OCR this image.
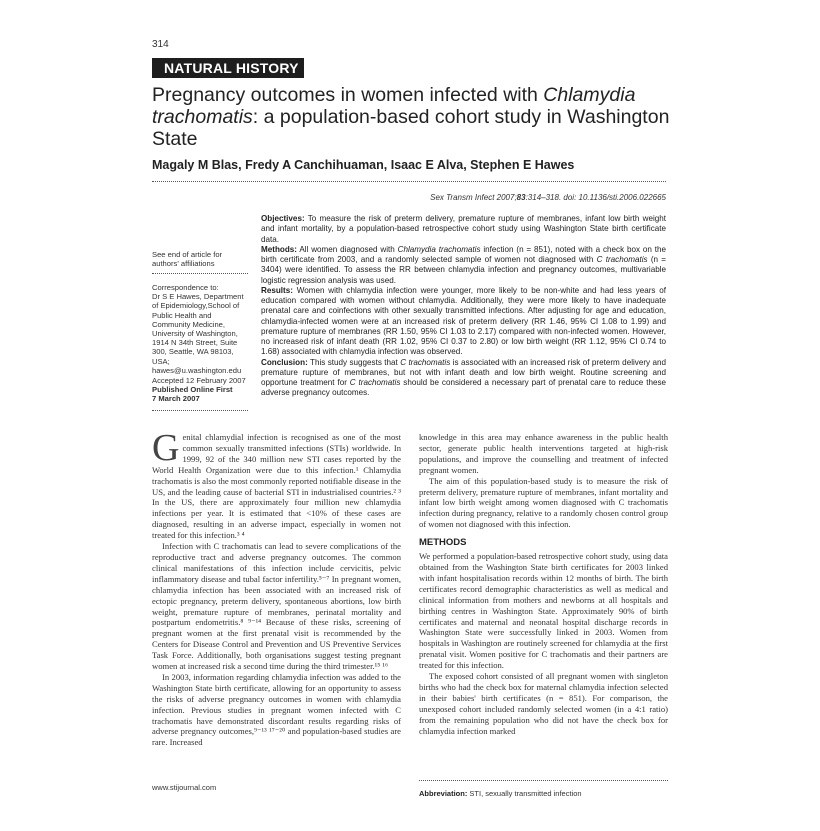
314
NATURAL HISTORY
Pregnancy outcomes in women infected with Chlamydia trachomatis: a population-based cohort study in Washington State
Magaly M Blas, Fredy A Canchihuaman, Isaac E Alva, Stephen E Hawes
Sex Transm Infect 2007;83:314–318. doi: 10.1136/sti.2006.022665

Objectives: To measure the risk of preterm delivery, premature rupture of membranes, infant low birth weight and infant mortality, by a population-based retrospective cohort study using Washington State birth certificate data.

Methods: All women diagnosed with Chlamydia trachomatis infection (n = 851), noted with a check box on the birth certificate from 2003, and a randomly selected sample of women not diagnosed with C trachomatis (n = 3404) were identified. To assess the RR between chlamydia infection and pregnancy outcomes, multivariable logistic regression analysis was used.

Results: Women with chlamydia infection were younger, more likely to be non-white and had less years of education compared with women without chlamydia. Additionally, they were more likely to have inadequate prenatal care and coinfections with other sexually transmitted infections. After adjusting for age and education, chlamydia-infected women were at an increased risk of preterm delivery (RR 1.46, 95% CI 1.08 to 1.99) and premature rupture of membranes (RR 1.50, 95% CI 1.03 to 2.17) compared with non-infected women. However, no increased risk of infant death (RR 1.02, 95% CI 0.37 to 2.80) or low birth weight (RR 1.12, 95% CI 0.74 to 1.68) associated with chlamydia infection was observed.

Conclusion: This study suggests that C trachomatis is associated with an increased risk of preterm delivery and premature rupture of membranes, but not with infant death and low birth weight. Routine screening and opportune treatment for C trachomatis should be considered a necessary part of prenatal care to reduce these adverse pregnancy outcomes.

See end of article for authors' affiliations

Correspondence to:

Dr S E Hawes, Department of Epidemiology,School of Public Health and Community Medicine, University of Washington, 1914 N 34th Street, Suite 300, Seattle, WA 98103, USA;

hawes@u.washington.edu

Accepted 12 February 2007

Published Online First

7 March 2007

Genital chlamydial infection is recognised as one of the most common sexually transmitted infections (STIs) worldwide. In 1999, 92 of the 340 million new STI cases reported by the World Health Organization were due to this infection.¹ Chlamydia trachomatis is also the most commonly reported notifiable disease in the US, and the leading cause of bacterial STI in industrialised countries.² ³ In the US, there are approximately four million new chlamydia infections per year. It is estimated that <10% of these cases are diagnosed, resulting in an adverse impact, especially in women not treated for this infection.³ ⁴

Infection with C trachomatis can lead to severe complications of the reproductive tract and adverse pregnancy outcomes. The common clinical manifestations of this infection include cervicitis, pelvic inflammatory disease and tubal factor infertility.⁵⁻⁷ In pregnant women, chlamydia infection has been associated with an increased risk of ectopic pregnancy, preterm delivery, spontaneous abortions, low birth weight, premature rupture of membranes, perinatal mortality and postpartum endometritis.⁸ ⁹⁻¹⁴ Because of these risks, screening of pregnant women at the first prenatal visit is recommended by the Centers for Disease Control and Prevention and US Preventive Services Task Force. Additionally, both organisations suggest testing pregnant women at increased risk a second time during the third trimester.¹⁵ ¹⁶

In 2003, information regarding chlamydia infection was added to the Washington State birth certificate, allowing for an opportunity to assess the risks of adverse pregnancy outcomes in women with chlamydia infection. Previous studies in pregnant women infected with C trachomatis have demonstrated discordant results regarding risks of adverse pregnancy outcomes,⁹⁻¹³ ¹⁷⁻²⁰ and population-based studies are rare. Increased

knowledge in this area may enhance awareness in the public health sector, generate public health interventions targeted at high-risk populations, and improve the counselling and treatment of infected pregnant women.

The aim of this population-based study is to measure the risk of preterm delivery, premature rupture of membranes, infant mortality and infant low birth weight among women diagnosed with C trachomatis infection during pregnancy, relative to a randomly chosen control group of women not diagnosed with this infection.

METHODS

We performed a population-based retrospective cohort study, using data obtained from the Washington State birth certificates for 2003 linked with infant hospitalisation records within 12 months of birth. The birth certificates record demographic characteristics as well as medical and clinical information from mothers and newborns at all hospitals and birthing centres in Washington State. Approximately 90% of birth certificates and maternal and neonatal hospital discharge records in Washington State were successfully linked in 2003. Women from hospitals in Washington are routinely screened for chlamydia at the first prenatal visit. Women positive for C trachomatis and their partners are treated for this infection.

The exposed cohort consisted of all pregnant women with singleton births who had the check box for maternal chlamydia infection selected in their babies' birth certificates (n = 851). For comparison, the unexposed cohort included randomly selected women (in a 4:1 ratio) from the remaining population who did not have the check box for chlamydia infection marked

Abbreviation: STI, sexually transmitted infection
www.stijournal.com
